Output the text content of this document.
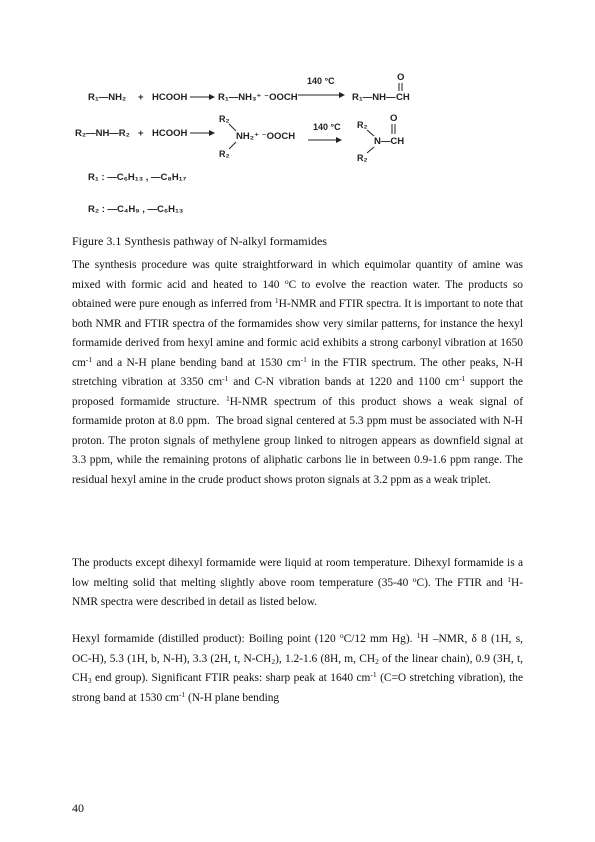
R₁—NH₂ + HCOOH	R₁—NH₃⁺ ⁻OOCH
140 °C
R₁—NH— CH
O
R₂—NH—R₂ + HCOOH
R₂
NH₂⁺ ⁻OOCH
R₂
140 °C R₂
N—CH
O
R₂
R₁ : —C₆H₁₃ , —C₈H₁₇
R₂ : —C₄H₉ , —C₆H₁₃
Figure 3.1 Synthesis pathway of N-alkyl formamides

The synthesis procedure was quite straightforward in which equimolar quantity of amine was mixed with formic acid and heated to 140 $^o$C to evolve the reaction water. The products so obtained were pure enough as inferred from $^1$H-NMR and FTIR spectra. It is important to note that both NMR and FTIR spectra of the formamides show very similar patterns, for instance the hexyl formamide derived from hexyl amine and formic acid exhibits a strong carbonyl vibration at 1650 $cm^{-1}$ and a N-H plane bending band at 1530 $cm^{-1}$ in the FTIR spectrum. The other peaks, N-H stretching vibration at 3350 $cm^{-1}$ and C-N vibration bands at 1220 and 1100 $cm^{-1}$ support the proposed formamide structure. $^1$H-NMR spectrum of this product shows a weak signal of formamide proton at 8.0 ppm.  The broad signal centered at 5.3 ppm must be associated with N-H proton. The proton signals of methylene group linked to nitrogen appears as downfield signal at 3.3 ppm, while the remaining protons of aliphatic carbons lie in between 0.9-1.6 ppm range. The residual hexyl amine in the crude product shows proton signals at 3.2 ppm as a weak triplet.

The products except dihexyl formamide were liquid at room temperature. Dihexyl formamide is a low melting solid that melting slightly above room temperature (35-40 $^o$C). The FTIR and $^1$H-NMR spectra were described in detail as listed below.

Hexyl formamide (distilled product): Boiling point (120 $^o$C/12 mm Hg). $^1$H –NMR, δ 8 (1H, s, OC-H), 5.3 (1H, b, N-H), 3.3 (2H, t, $N-CH_2$), 1.2-1.6 (8H, m, $CH_2$ of the linear chain), 0.9 (3H, t, $CH_3$ end group). Significant FTIR peaks: sharp peak at 1640 $cm^{-1}$ (C=O stretching vibration), the strong band at 1530 $cm^{-1}$ (N-H plane bending

40
